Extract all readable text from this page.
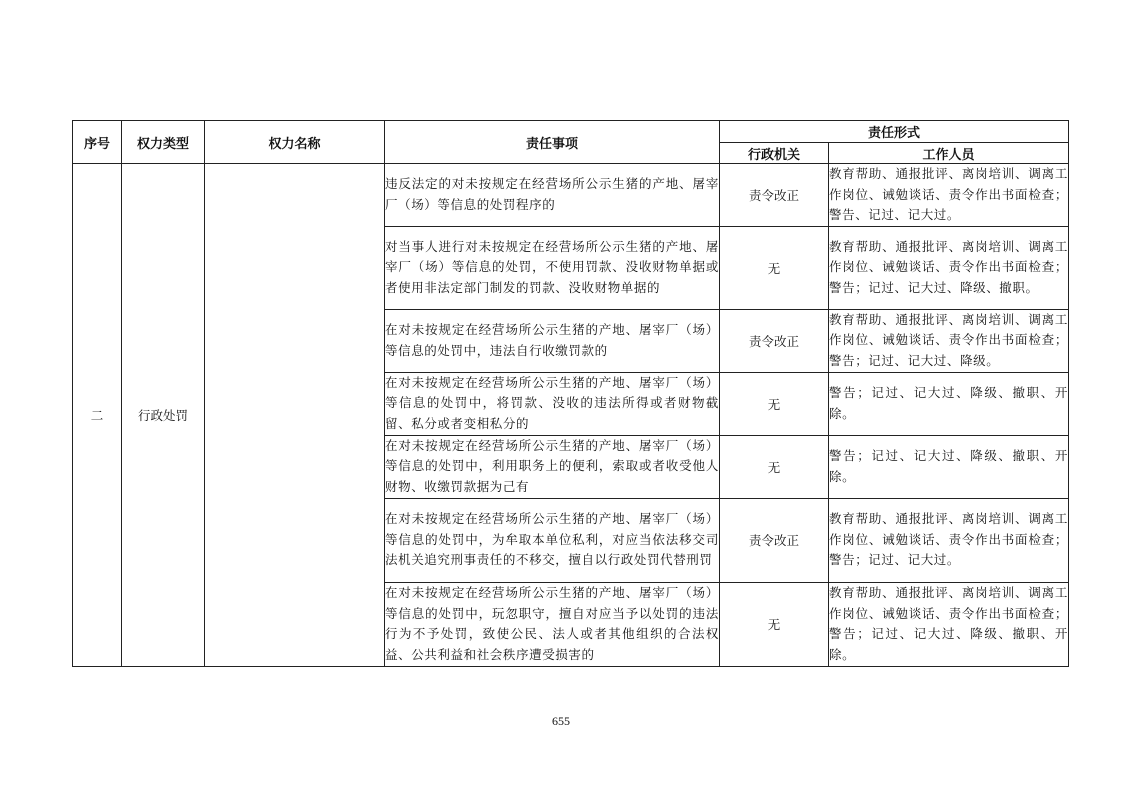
序号	权力类型	权力名称	责任事项	责任形式	
				行政机关	工作人员
二	行政处罚		违反法定的对未按规定在经营场所公示生猪的产地、屠宰厂（场）等信息的处罚程序的	责令改正	教育帮助、通报批评、离岗培训、调离工作岗位、诫勉谈话、责令作出书面检查；警告、记过、记大过。
			对当事人进行对未按规定在经营场所公示生猪的产地、屠宰厂（场）等信息的处罚，不使用罚款、没收财物单据或者使用非法定部门制发的罚款、没收财物单据的	无	教育帮助、通报批评、离岗培训、调离工作岗位、诫勉谈话、责令作出书面检查；警告；记过、记大过、降级、撤职。
			在对未按规定在经营场所公示生猪的产地、屠宰厂（场）等信息的处罚中，违法自行收缴罚款的	责令改正	教育帮助、通报批评、离岗培训、调离工作岗位、诫勉谈话、责令作出书面检查；警告；记过、记大过、降级。
			在对未按规定在经营场所公示生猪的产地、屠宰厂（场）等信息的处罚中，将罚款、没收的违法所得或者财物截留、私分或者变相私分的	无	警告；记过、记大过、降级、撤职、开除。
			在对未按规定在经营场所公示生猪的产地、屠宰厂（场）等信息的处罚中，利用职务上的便利，索取或者收受他人财物、收缴罚款据为己有	无	警告；记过、记大过、降级、撤职、开除。
			在对未按规定在经营场所公示生猪的产地、屠宰厂（场）等信息的处罚中，为牟取本单位私利，对应当依法移交司法机关追究刑事责任的不移交，擅自以行政处罚代替刑罚	责令改正	教育帮助、通报批评、离岗培训、调离工作岗位、诫勉谈话、责令作出书面检查；警告；记过、记大过。
			在对未按规定在经营场所公示生猪的产地、屠宰厂（场）等信息的处罚中，玩忽职守，擅自对应当予以处罚的违法行为不予处罚，致使公民、法人或者其他组织的合法权益、公共利益和社会秩序遭受损害的	无	教育帮助、通报批评、离岗培训、调离工作岗位、诫勉谈话、责令作出书面检查；警告；记过、记大过、降级、撤职、开除。
655
